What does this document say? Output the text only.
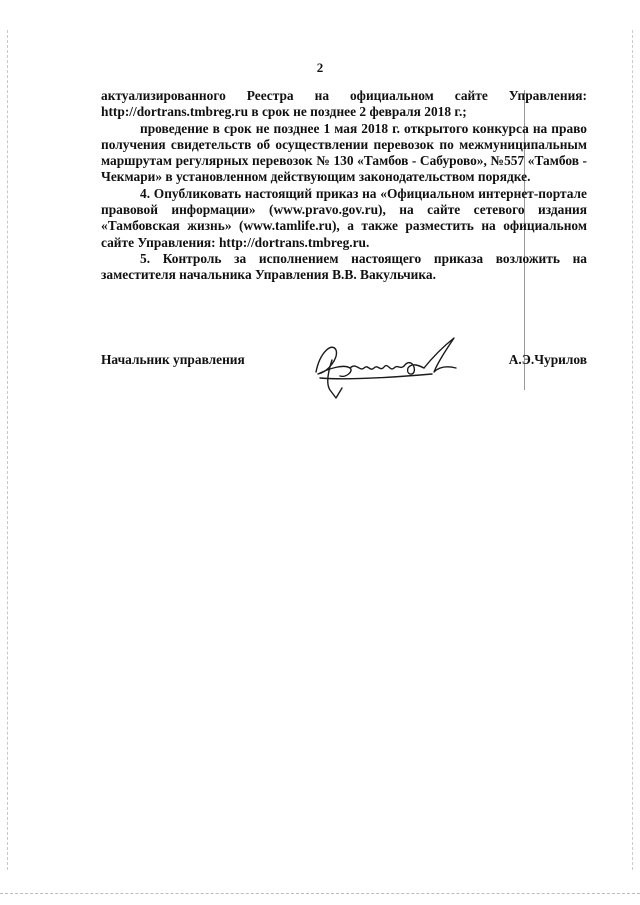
2

актуализированного Реестра на официальном сайте Управления: http://dortrans.tmbreg.ru в срок не позднее 2 февраля 2018 г.;

проведение в срок не позднее 1 мая 2018 г. открытого конкурса на право получения свидетельств об осуществлении перевозок по межмуниципальным маршрутам регулярных перевозок № 130 «Тамбов - Сабурово», №557 «Тамбов - Чекмари» в установленном действующим законодательством порядке.

4. Опубликовать настоящий приказ на «Официальном интернет-портале правовой информации» (www.pravo.gov.ru), на сайте сетевого издания «Тамбовская жизнь» (www.tamlife.ru), а также разместить на официальном сайте Управления: http://dortrans.tmbreg.ru.

5. Контроль за исполнением настоящего приказа возложить на заместителя начальника Управления В.В. Вакульчика.

Начальник управления	А.Э.Чурилов
